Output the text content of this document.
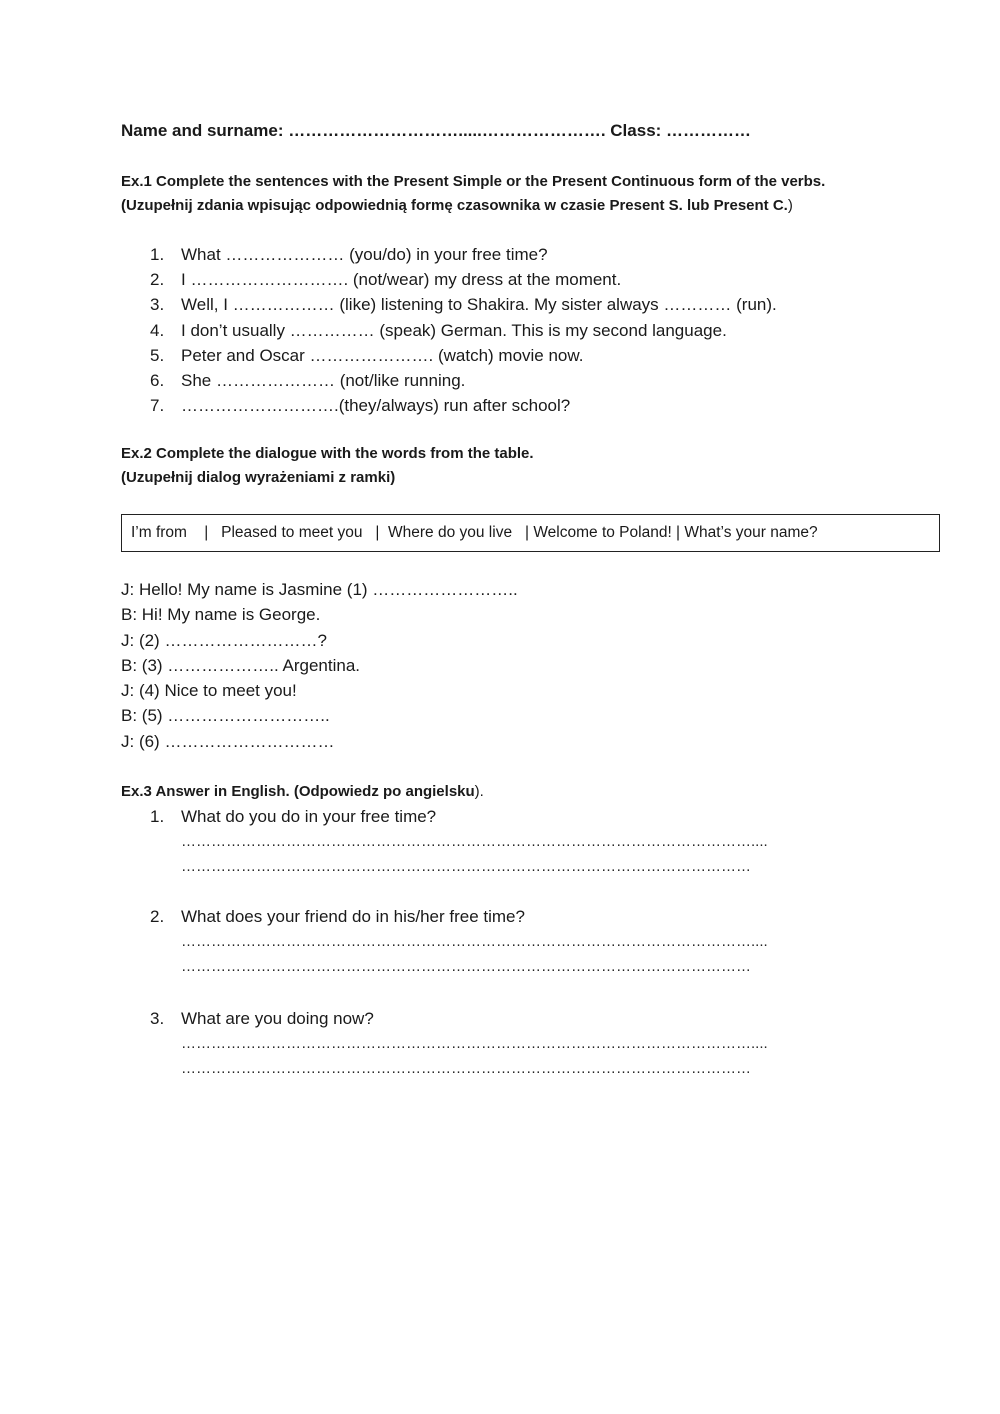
Name and surname: ………………………….....…………………. Class: ……………
Ex.1 Complete the sentences with the Present Simple or the Present Continuous form of the verbs.
(Uzupełnij zdania wpisując odpowiednią formę czasownika w czasie Present S. lub Present C.)
1. What ………………… (you/do) in your free time?
2. I ………………………. (not/wear) my dress at the moment.
3. Well, I ……………… (like) listening to Shakira. My sister always ………… (run).
4. I don’t usually …………… (speak) German. This is my second language.
5. Peter and Oscar …………………. (watch) movie now.
6. She ………………… (not/like running.
7. ……………………….(they/always) run after school?
Ex.2 Complete the dialogue with the words from the table.
(Uzupełnij dialog wyrażeniami z ramki)
I’m from    |   Pleased to meet you   |  Where do you live   | Welcome to Poland! | What’s your name?
J: Hello! My name is Jasmine (1) ……………………..
B: Hi! My name is George.
J: (2) ………………………?
B: (3) ……………….. Argentina.
J: (4) Nice to meet you!
B: (5) ………………………..
J: (6) …………………………
Ex.3 Answer in English. (Odpowiedz po angielsku).
1. What do you do in your free time?
……………………………………………………………………………………………………....
……………………………………………………………………………………………………
2. What does your friend do in his/her free time?
……………………………………………………………………………………………………....
……………………………………………………………………………………………………
3. What are you doing now?
……………………………………………………………………………………………………....
……………………………………………………………………………………………………
